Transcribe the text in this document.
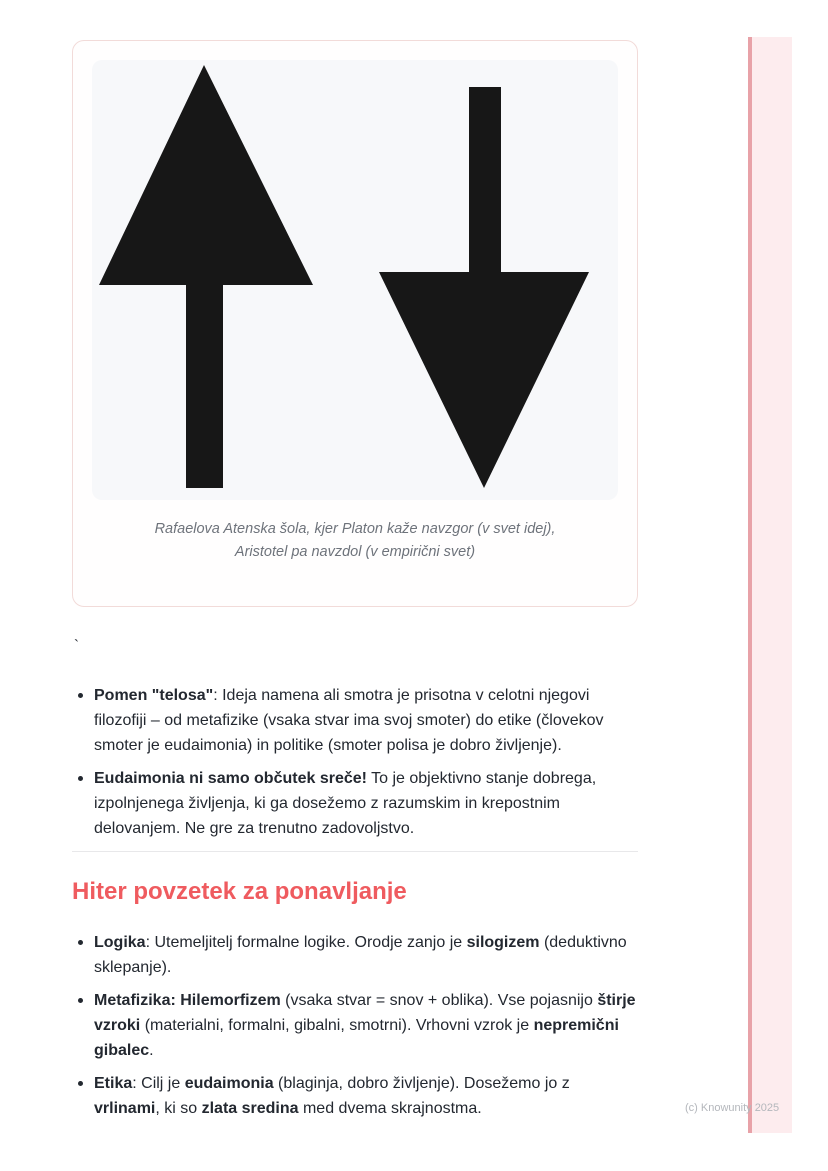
Rafaelova Atenska šola, kjer Platon kaže navzgor (v svet idej), Aristotel pa navzdol (v empirični svet)

`

Pomen "telosa": Ideja namena ali smotra je prisotna v celotni njegovi filozofiji – od metafizike (vsaka stvar ima svoj smoter) do etike (človekov smoter je eudaimonia) in politike (smoter polisa je dobro življenje).
Eudaimonia ni samo občutek sreče! To je objektivno stanje dobrega, izpolnjenega življenja, ki ga dosežemo z razumskim in krepostnim delovanjem. Ne gre za trenutno zadovoljstvo.
Hiter povzetek za ponavljanje
Logika: Utemeljitelj formalne logike. Orodje zanjo je silogizem (deduktivno sklepanje).
Metafizika: Hilemorfizem (vsaka stvar = snov + oblika). Vse pojasnijo štirje vzroki (materialni, formalni, gibalni, smotrni). Vrhovni vzrok je nepremični gibalec.
Etika: Cilj je eudaimonia (blaginja, dobro življenje). Dosežemo jo z vrlinami, ki so zlata sredina med dvema skrajnostma.	(c) Knowunity 2025
